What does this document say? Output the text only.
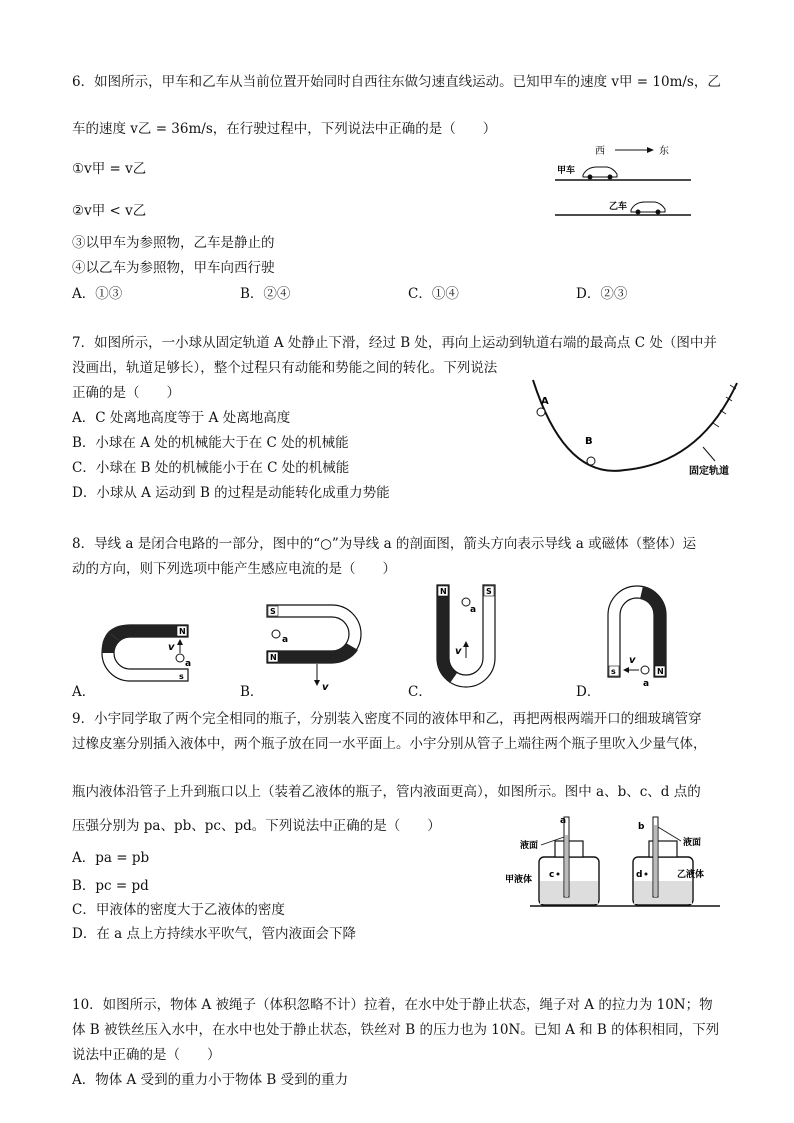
6．如图所示，甲车和乙车从当前位置开始同时自西往东做匀速直线运动。已知甲车的速度 v甲 = 10m/s，乙
车的速度 v乙 = 36m/s，在行驶过程中，下列说法中正确的是（　　）
①v甲 = v乙
②v甲 < v乙
③以甲车为参照物，乙车是静止的
④以乙车为参照物，甲车向西行驶
A．①③	B．②④	C．①④	D．②③
西	东
甲车
乙车
7．如图所示，一小球从固定轨道 A 处静止下滑，经过 B 处，再向上运动到轨道右端的最高点 C 处（图中并
没画出，轨道足够长），整个过程只有动能和势能之间的转化。下列说法
正确的是（　　）
A．C 处离地高度等于 A 处离地高度
B．小球在 A 处的机械能大于在 C 处的机械能
C．小球在 B 处的机械能小于在 C 处的机械能
D．小球从 A 运动到 B 的过程是动能转化成重力势能
A
B
固定轨道
8．导线 a 是闭合电路的一部分，图中的“○”为导线 a 的剖面图，箭头方向表示导线 a 或磁体（整体）运
动的方向，则下列选项中能产生感应电流的是（　　）
A．	B．	C．	D．
N
s
v
a
S
N
a
v
N	S
a
v
s	N
a
v
9．小宇同学取了两个完全相同的瓶子，分别装入密度不同的液体甲和乙，再把两根两端开口的细玻璃管穿
过橡皮塞分别插入液体中，两个瓶子放在同一水平面上。小宇分别从管子上端往两个瓶子里吹入少量气体，
瓶内液体沿管子上升到瓶口以上（装着乙液体的瓶子，管内液面更高），如图所示。图中 a、b、c、d 点的
压强分别为 pa、pb、pc、pd。下列说法中正确的是（　　）
A．pa = pb
B．pc = pd
C．甲液体的密度大于乙液体的密度
D．在 a 点上方持续水平吹气，管内液面会下降
a
液面
c
甲液体
b
液面
d	乙液体
10．如图所示，物体 A 被绳子（体积忽略不计）拉着，在水中处于静止状态，绳子对 A 的拉力为 10N；物
体 B 被铁丝压入水中，在水中也处于静止状态，铁丝对 B 的压力也为 10N。已知 A 和 B 的体积相同，下列
说法中正确的是（　　）
A．物体 A 受到的重力小于物体 B 受到的重力
